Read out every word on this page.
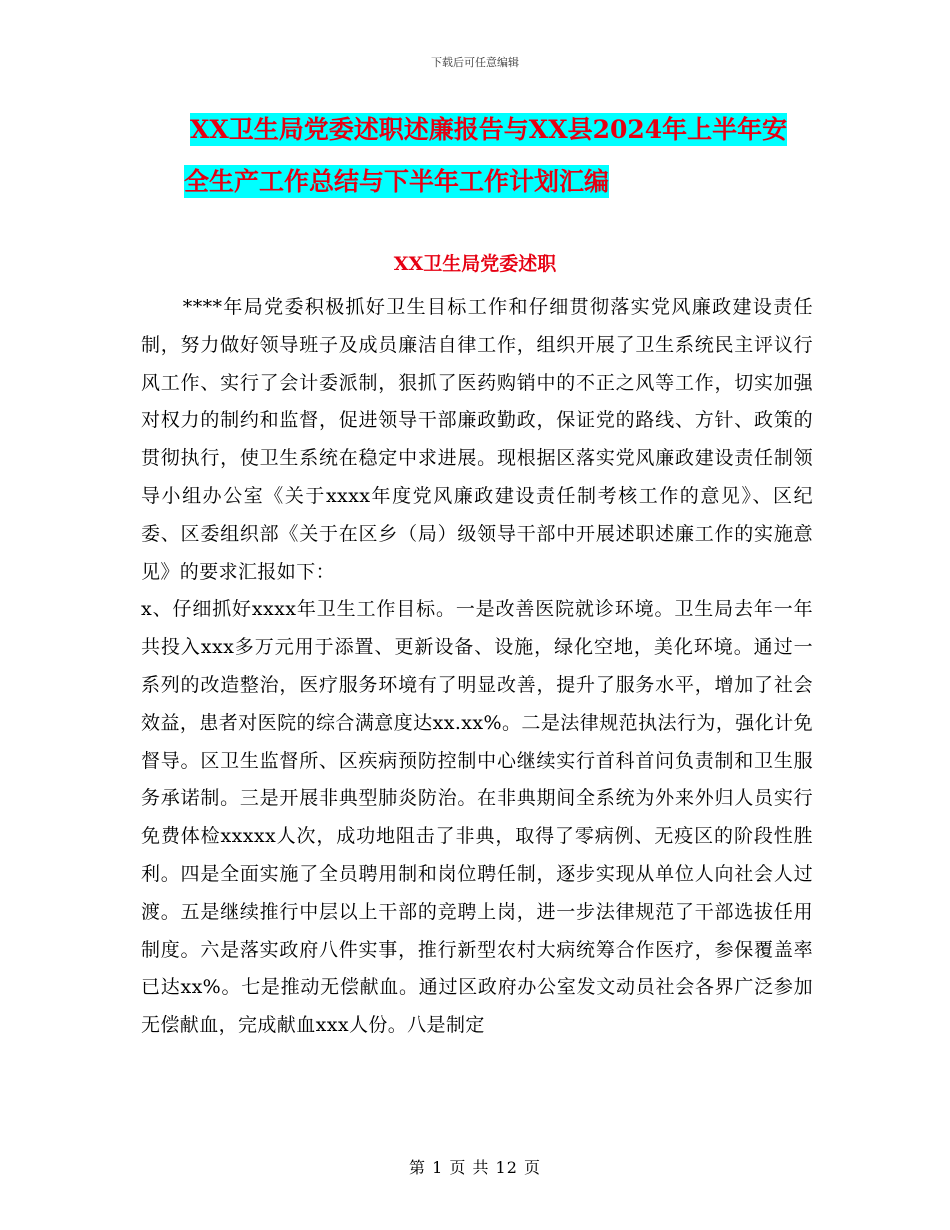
下载后可任意编辑
XX卫生局党委述职述廉报告与XX县2024年上半年安
全生产工作总结与下半年工作计划汇编
XX卫生局党委述职

****年局党委积极抓好卫生目标工作和仔细贯彻落实党风廉政建设责任制，努力做好领导班子及成员廉洁自律工作，组织开展了卫生系统民主评议行风工作、实行了会计委派制，狠抓了医药购销中的不正之风等工作，切实加强对权力的制约和监督，促进领导干部廉政勤政，保证党的路线、方针、政策的贯彻执行，使卫生系统在稳定中求进展。现根据区落实党风廉政建设责任制领导小组办公室《关于xxxx年度党风廉政建设责任制考核工作的意见》、区纪委、区委组织部《关于在区乡（局）级领导干部中开展述职述廉工作的实施意见》的要求汇报如下：

x、仔细抓好xxxx年卫生工作目标。一是改善医院就诊环境。卫生局去年一年共投入xxx多万元用于添置、更新设备、设施，绿化空地，美化环境。通过一系列的改造整治，医疗服务环境有了明显改善，提升了服务水平，增加了社会效益，患者对医院的综合满意度达xx.xx%。二是法律规范执法行为，强化计免督导。区卫生监督所、区疾病预防控制中心继续实行首科首问负责制和卫生服务承诺制。三是开展非典型肺炎防治。在非典期间全系统为外来外归人员实行免费体检xxxxx人次，成功地阻击了非典，取得了零病例、无疫区的阶段性胜利。四是全面实施了全员聘用制和岗位聘任制，逐步实现从单位人向社会人过渡。五是继续推行中层以上干部的竞聘上岗，进一步法律规范了干部选拔任用制度。六是落实政府八件实事，推行新型农村大病统筹合作医疗，参保覆盖率已达xx%。七是推动无偿献血。通过区政府办公室发文动员社会各界广泛参加无偿献血，完成献血xxx人份。八是制定

第 1 页 共 12 页
